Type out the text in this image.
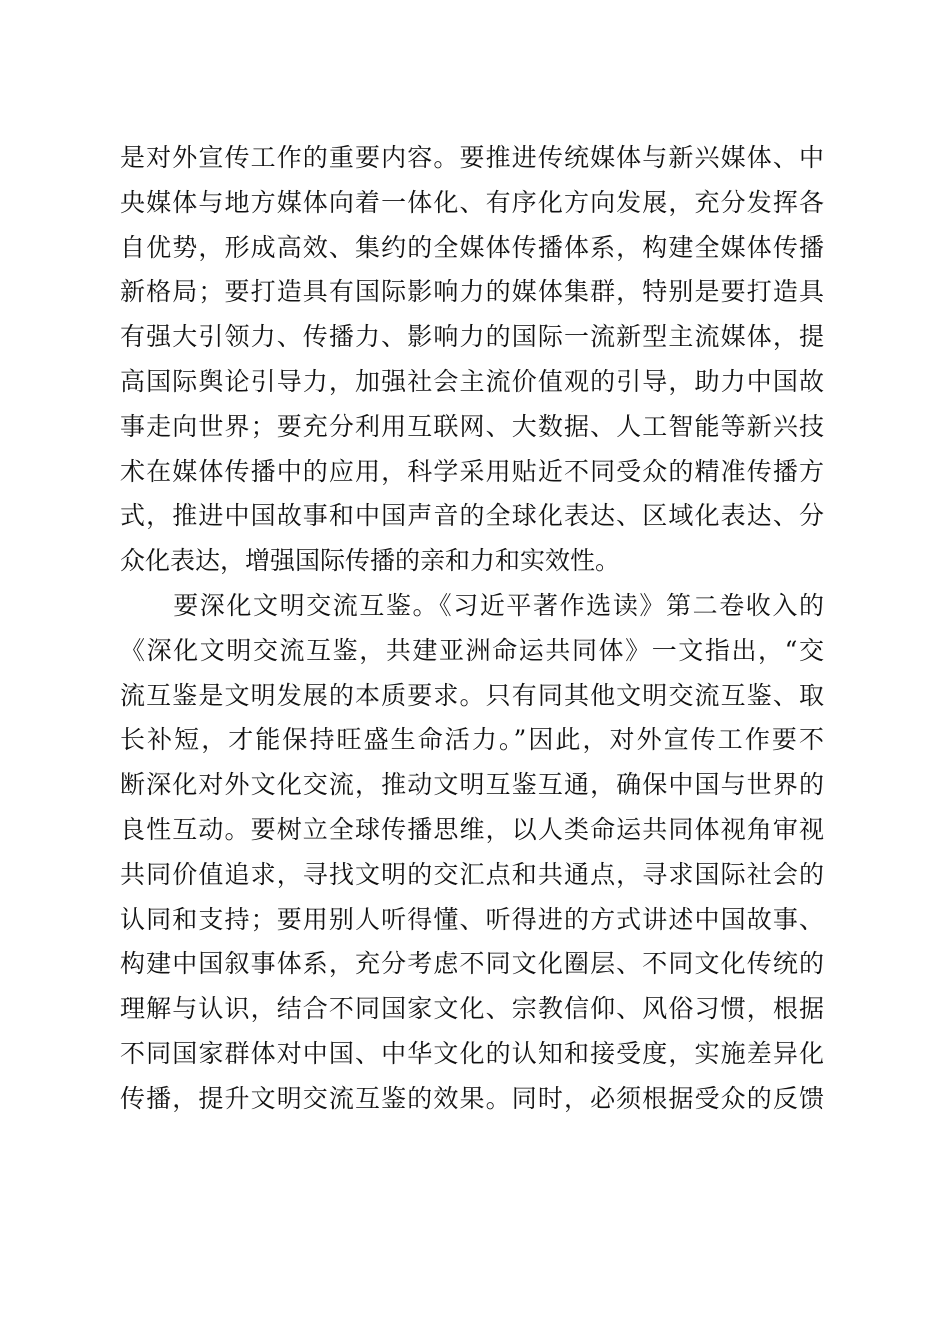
是对外宣传工作的重要内容。要推进传统媒体与新兴媒体、中
央媒体与地方媒体向着一体化、有序化方向发展，充分发挥各
自优势，形成高效、集约的全媒体传播体系，构建全媒体传播
新格局；要打造具有国际影响力的媒体集群，特别是要打造具
有强大引领力、传播力、影响力的国际一流新型主流媒体，提
高国际舆论引导力，加强社会主流价值观的引导，助力中国故
事走向世界；要充分利用互联网、大数据、人工智能等新兴技
术在媒体传播中的应用，科学采用贴近不同受众的精准传播方
式，推进中国故事和中国声音的全球化表达、区域化表达、分
众化表达，增强国际传播的亲和力和实效性。
　　要深化文明交流互鉴。《习近平著作选读》第二卷收入的
《深化文明交流互鉴，共建亚洲命运共同体》一文指出，“交
流互鉴是文明发展的本质要求。只有同其他文明交流互鉴、取
长补短，才能保持旺盛生命活力。”因此，对外宣传工作要不
断深化对外文化交流，推动文明互鉴互通，确保中国与世界的
良性互动。要树立全球传播思维，以人类命运共同体视角审视
共同价值追求，寻找文明的交汇点和共通点，寻求国际社会的
认同和支持；要用别人听得懂、听得进的方式讲述中国故事、
构建中国叙事体系，充分考虑不同文化圈层、不同文化传统的
理解与认识，结合不同国家文化、宗教信仰、风俗习惯，根据
不同国家群体对中国、中华文化的认知和接受度，实施差异化
传播，提升文明交流互鉴的效果。同时，必须根据受众的反馈
